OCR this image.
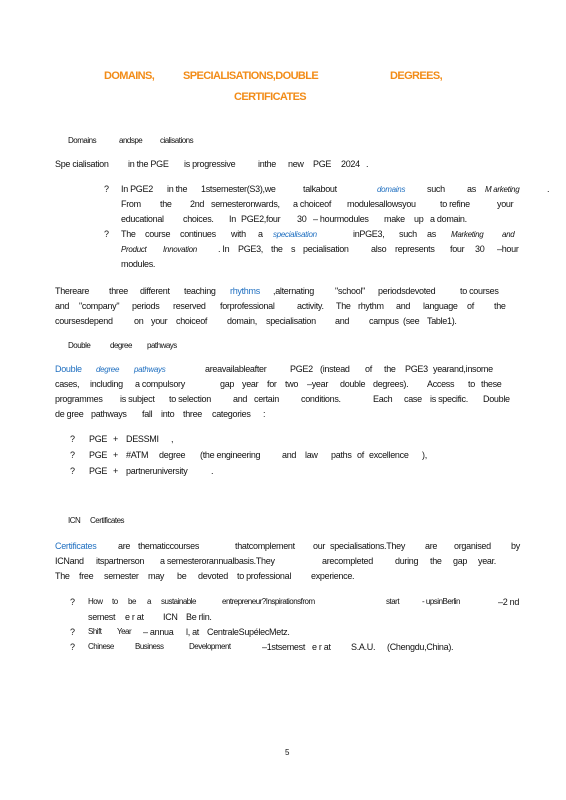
DOMAINS,	SPECIALISATIONS,DOUBLE	DEGREES,
CERTIFICATES
Domains	andspe cialisations
Spe cialisation in the PGE is progressive	inthe new PGE 2024 .
? In PGE2 in the 1stsemester(S3),we	talkabout	domains such as M arketing	.
From the 2nd semesteronwards, a choiceof modulesallowsyou	to refine	your
educational choices. In PGE2,four 30 – hourmodules make up a domain.
? The course continues with a specialisation	inPGE3, such as Marketing and
Product Innovation . In PGE3, the s pecialisation also represents four 30 –hour
modules.
Thereare three different teaching rhythms ,alternating "school" periodsdevoted	to courses
and "company" periods reserved forprofessional activity. The rhythm and language of the
coursesdepend on your choiceof domain, specialisation and campus (see Table1).
Double degree pathways
Double degree pathways	areavailableafter	PGE2 (instead of the PGE3 yearand,insome
cases, including a compulsory	gap year for two –year double degrees). Access to these
programmes is subject to selection and certain conditions.	Each case is specific. Double
de gree pathways fall into three categories :
? PGE + DESSMI ,
? PGE + #ATM degree (the engineering and law paths of excellence ),
? PGE + partneruniversity	.
ICN Certificates
Certificates are thematiccourses	thatcomplement our specialisations.They are organised by
ICNand itspartnerson a semesterorannualbasis.They	arecompleted during the gap year.
The free semester may be devoted to professional experience.
? How to be a sustainable	entrepreneur?Inspirationsfrom	start	- upsinBerlin	–2 nd
semest e r at ICN Be rlin.
? Shift Year – annua l, at CentraleSupélecMetz.
? Chinese	Business	Development	–1stsemest e r at S.A.U. (Chengdu,China).
5
